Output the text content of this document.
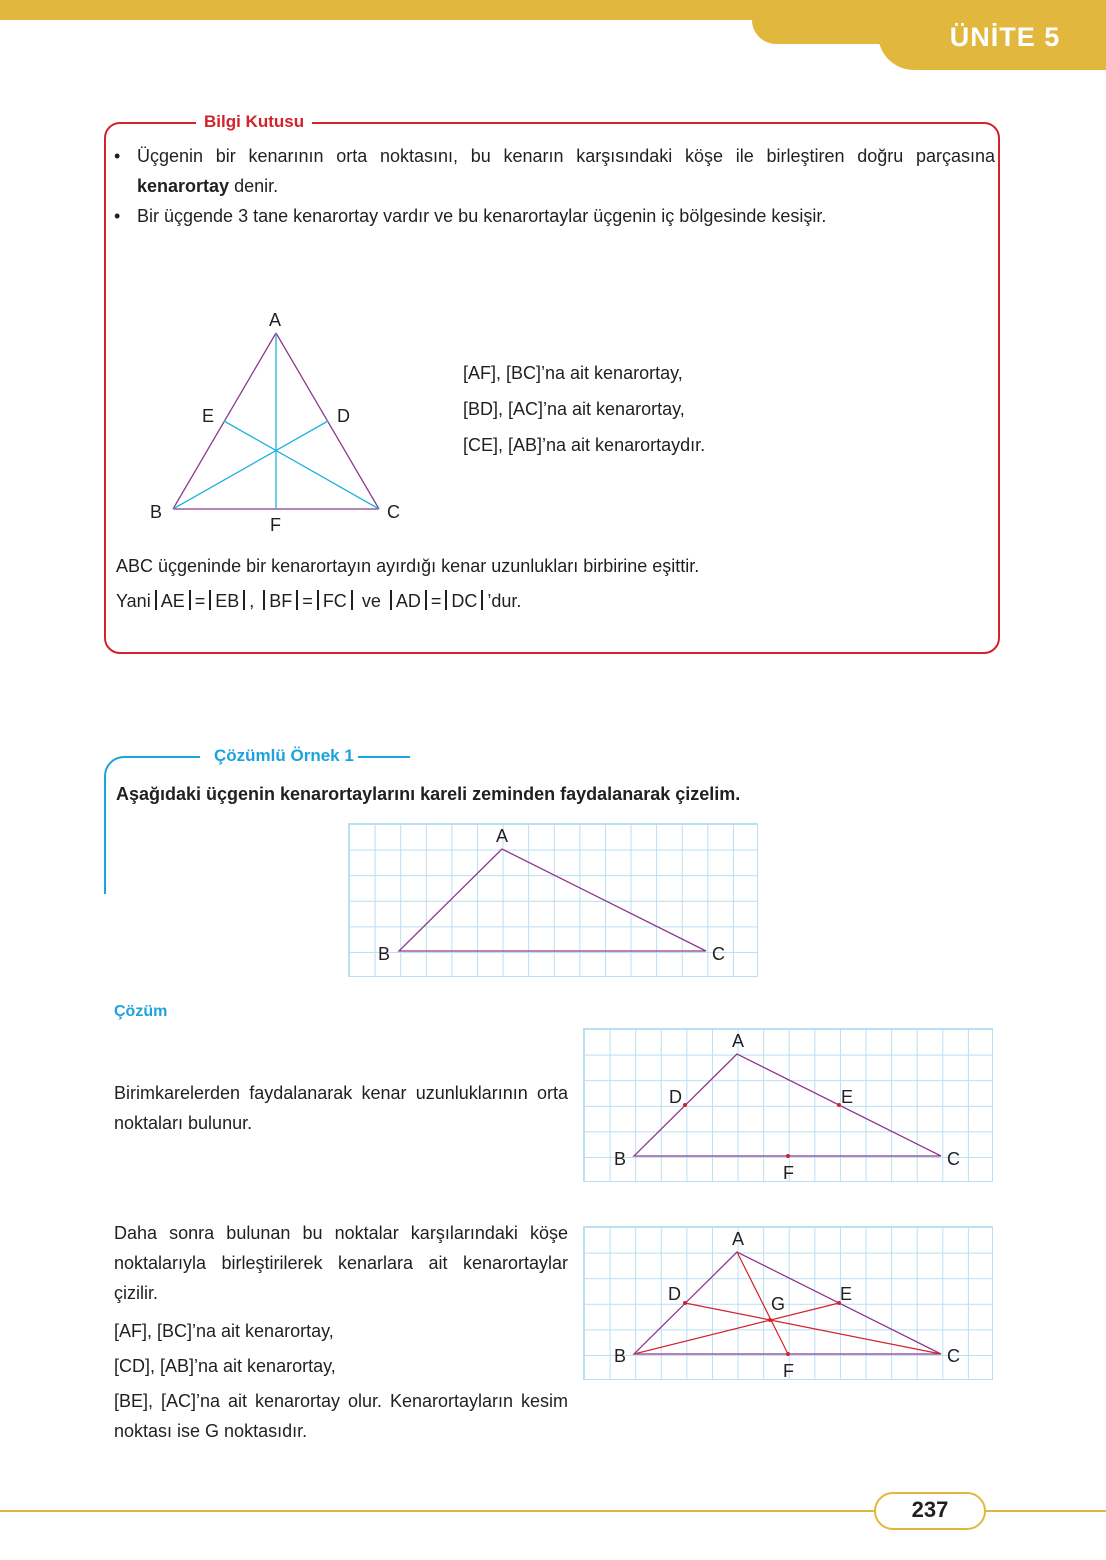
ÜNİTE 5
Bilgi Kutusu
• Üçgenin bir kenarının orta noktasını, bu kenarın karşısındaki köşe ile birleştiren doğru parçasına kenarortay denir.
• Bir üçgende 3 tane kenarortay vardır ve bu kenarortaylar üçgenin iç bölgesinde kesişir.
A
B	C
D
E
F
[AF], [BC]’na ait kenarortay,
[BD], [AC]’na ait kenarortay,
[CE], [AB]’na ait kenarortaydır.
ABC üçgeninde bir kenarortayın ayırdığı kenar uzunlukları birbirine eşittir.
Yani AE = EB , BF = FC ve AD = DC ’dur.
Çözümlü Örnek 1
Aşağıdaki üçgenin kenarortaylarını kareli zeminden faydalanarak çizelim.
A
B	C
Çözüm
Birimkarelerden faydalanarak kenar uzunluklarının orta noktaları bulunur.
A
B	C
D	E
F
Daha sonra bulunan bu noktalar karşılarındaki köşe noktalarıyla birleştirilerek kenarlara ait kenarortaylar çizilir.
[AF], [BC]’na ait kenarortay,
[CD], [AB]’na ait kenarortay,
[BE], [AC]’na ait kenarortay olur. Kenarortayların kesim noktası ise G noktasıdır.
A
B	C
D	E
G
F
237
